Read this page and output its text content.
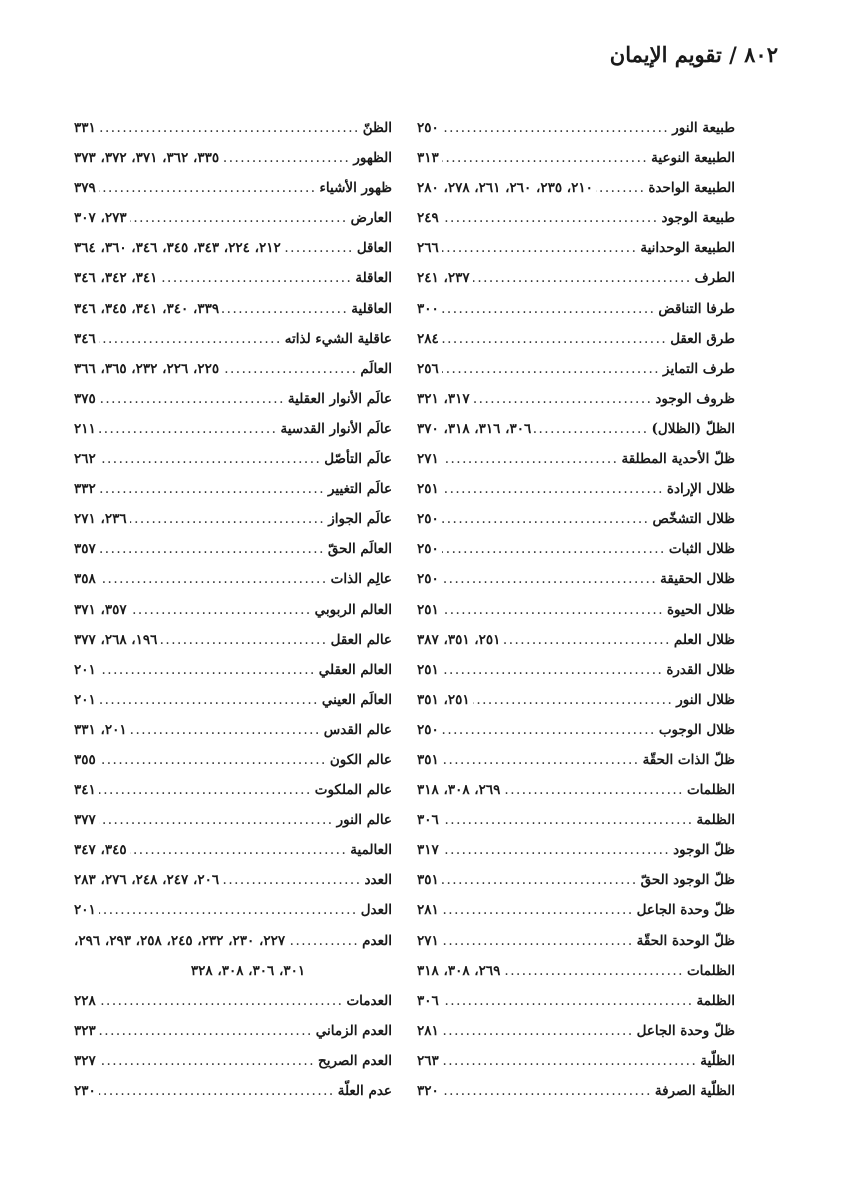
٨٠٢ / تقويم الإيمان
طبيعة النور
.....
٢٥٠
الطبيعة النوعية
.....
٣١٣
الطبيعة الواحدة
.....
٢١٠، ٢٣٥، ٢٦٠، ٢٦١، ٢٧٨، ٢٨٠
طبيعة الوجود
.....
٢٤٩
الطبيعة الوحدانية
.....
٢٦٦
الطرف
.....
٢٣٧، ٢٤١
طرفا التناقض
.....
٣٠٠
طرق العقل
.....
٢٨٤
طرف التمايز
.....
٢٥٦
ظروف الوجود
.....
٣١٧، ٣٢١
الظلّ (الظلال)
.....
٣٠٦، ٣١٦، ٣١٨، ٣٧٠
ظلّ الأحدية المطلقة
.....
٢٧١
ظلال الإرادة
.....
٢٥١
ظلال التشخّص
.....
٢٥٠
ظلال الثبات
.....
٢٥٠
ظلال الحقيقة
.....
٢٥٠
ظلال الحيوة
.....
٢٥١
ظلال العلم
.....
٢٥١، ٣٥١، ٣٨٧
ظلال القدرة
.....
٢٥١
ظلال النور
.....
٢٥١، ٣٥١
ظلال الوجوب
.....
٢٥٠
ظلّ الذات الحقّة
.....
٣٥١
الظلمات
.....
٢٦٩، ٣٠٨، ٣١٨
الظلمة
.....
٣٠٦
ظلّ الوجود
.....
٣١٧
ظلّ الوجود الحقّ
.....
٣٥١
ظلّ وحدة الجاعل
.....
٢٨١
ظلّ الوحدة الحقّة
.....
٢٧١
الظلمات
.....
٢٦٩، ٣٠٨، ٣١٨
الظلمة
.....
٣٠٦
ظلّ وحدة الجاعل
.....
٢٨١
الظلّية
.....
٢٦٣
الظلّية الصرفة
.....
٣٢٠
الظنّ
.....
٣٣١
الظهور
.....
٣٣٥، ٣٦٢، ٣٧١، ٣٧٢، ٣٧٣
ظهور الأشياء
.....
٣٧٩
العارض
.....
٢٧٣، ٣٠٧
العاقل
.....
٢١٢، ٢٢٤، ٣٤٣، ٣٤٥، ٣٤٦، ٣٦٠، ٣٦٤
العاقلة
.....
٣٤١، ٣٤٢، ٣٤٦
العاقلية
.....
٣٣٩، ٣٤٠، ٣٤١، ٣٤٥، ٣٤٦
عاقلية الشيء لذاته
.....
٣٤٦
العالَم
.....
٢٢٥، ٢٢٦، ٢٣٢، ٣٦٥، ٣٦٦
عالَم الأنوار العقلية
.....
٣٧٥
عالَم الأنوار القدسية
.....
٢١١
عالَم التأصّل
.....
٢٦٢
عالَم التغيير
.....
٣٣٢
عالَم الجواز
.....
٢٣٦، ٢٧١
العالَم الحقّ
.....
٣٥٧
عالِم الذات
.....
٣٥٨
العالم الربوبي
.....
٣٥٧، ٣٧١
عالم العقل
.....
١٩٦، ٢٦٨، ٣٧٧
العالم العقلي
.....
٢٠١
العالَم العيني
.....
٢٠١
عالم القدس
.....
٢٠١، ٣٣١
عالم الكون
.....
٣٥٥
عالم الملكوت
.....
٣٤١
عالم النور
.....
٣٧٧
العالمية
.....
٣٤٥، ٣٤٧
العدد
.....
٢٠٦، ٢٤٧، ٢٤٨، ٢٧٦، ٢٨٣
العدل
.....
٢٠١
العدم
.....
٢٢٧، ٢٣٠، ٢٣٢، ٢٤٥، ٢٥٨، ٢٩٣، ٢٩٦،
٣٠١، ٣٠٦، ٣٠٨، ٣٢٨
العدمات
.....
٢٢٨
العدم الزماني
.....
٣٢٣
العدم الصريح
.....
٣٢٧
عدم العلّة
.....
٢٣٠
